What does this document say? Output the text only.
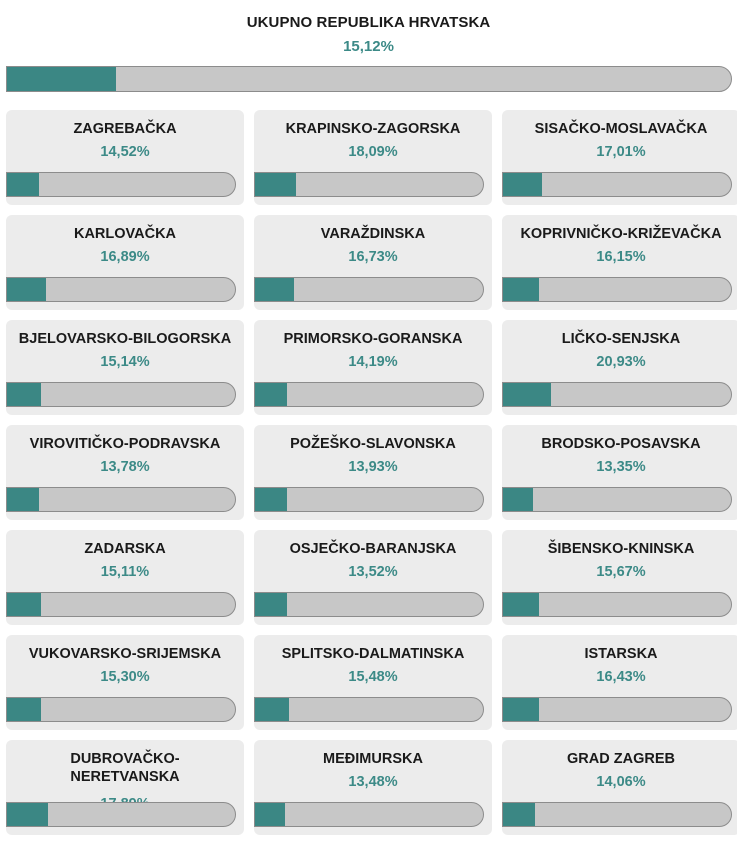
UKUPNO REPUBLIKA HRVATSKA
15,12%
ZAGREBAČKA
14,52%
KRAPINSKO-ZAGORSKA
18,09%
SISAČKO-MOSLAVAČKA
17,01%
KARLOVAČKA
16,89%
VARAŽDINSKA
16,73%
KOPRIVNIČKO-KRIŽEVAČKA
16,15%
BJELOVARSKO-BILOGORSKA
15,14%
PRIMORSKO-GORANSKA
14,19%
LIČKO-SENJSKA
20,93%
VIROVITIČKO-PODRAVSKA
13,78%
POŽEŠKO-SLAVONSKA
13,93%
BRODSKO-POSAVSKA
13,35%
ZADARSKA
15,11%
OSJEČKO-BARANJSKA
13,52%
ŠIBENSKO-KNINSKA
15,67%
VUKOVARSKO-SRIJEMSKA
15,30%
SPLITSKO-DALMATINSKA
15,48%
ISTARSKA
16,43%
DUBROVAČKO-
NERETVANSKA
MEĐIMURSKA
13,48%
GRAD ZAGREB
14,06%
